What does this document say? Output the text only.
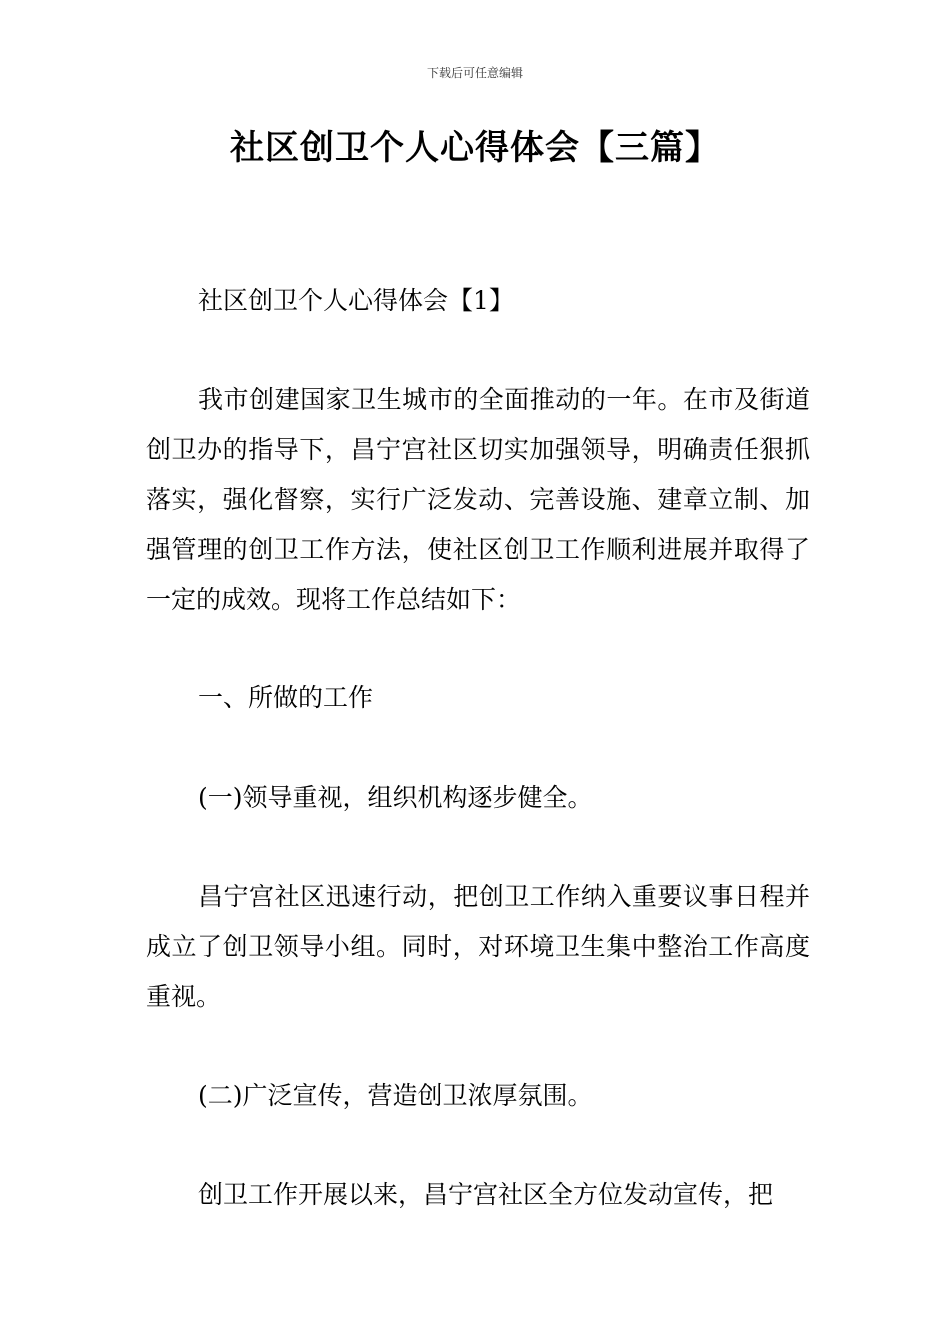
下载后可任意编辑
社区创卫个人心得体会【三篇】

社区创卫个人心得体会【1】

我市创建国家卫生城市的全面推动的一年。在市及街道创卫办的指导下，昌宁宫社区切实加强领导，明确责任狠抓落实，强化督察，实行广泛发动、完善设施、建章立制、加强管理的创卫工作方法，使社区创卫工作顺利进展并取得了一定的成效。现将工作总结如下：

一、所做的工作

(一)领导重视，组织机构逐步健全。

昌宁宫社区迅速行动，把创卫工作纳入重要议事日程并成立了创卫领导小组。同时，对环境卫生集中整治工作高度重视。

(二)广泛宣传，营造创卫浓厚氛围。

创卫工作开展以来，昌宁宫社区全方位发动宣传，把
